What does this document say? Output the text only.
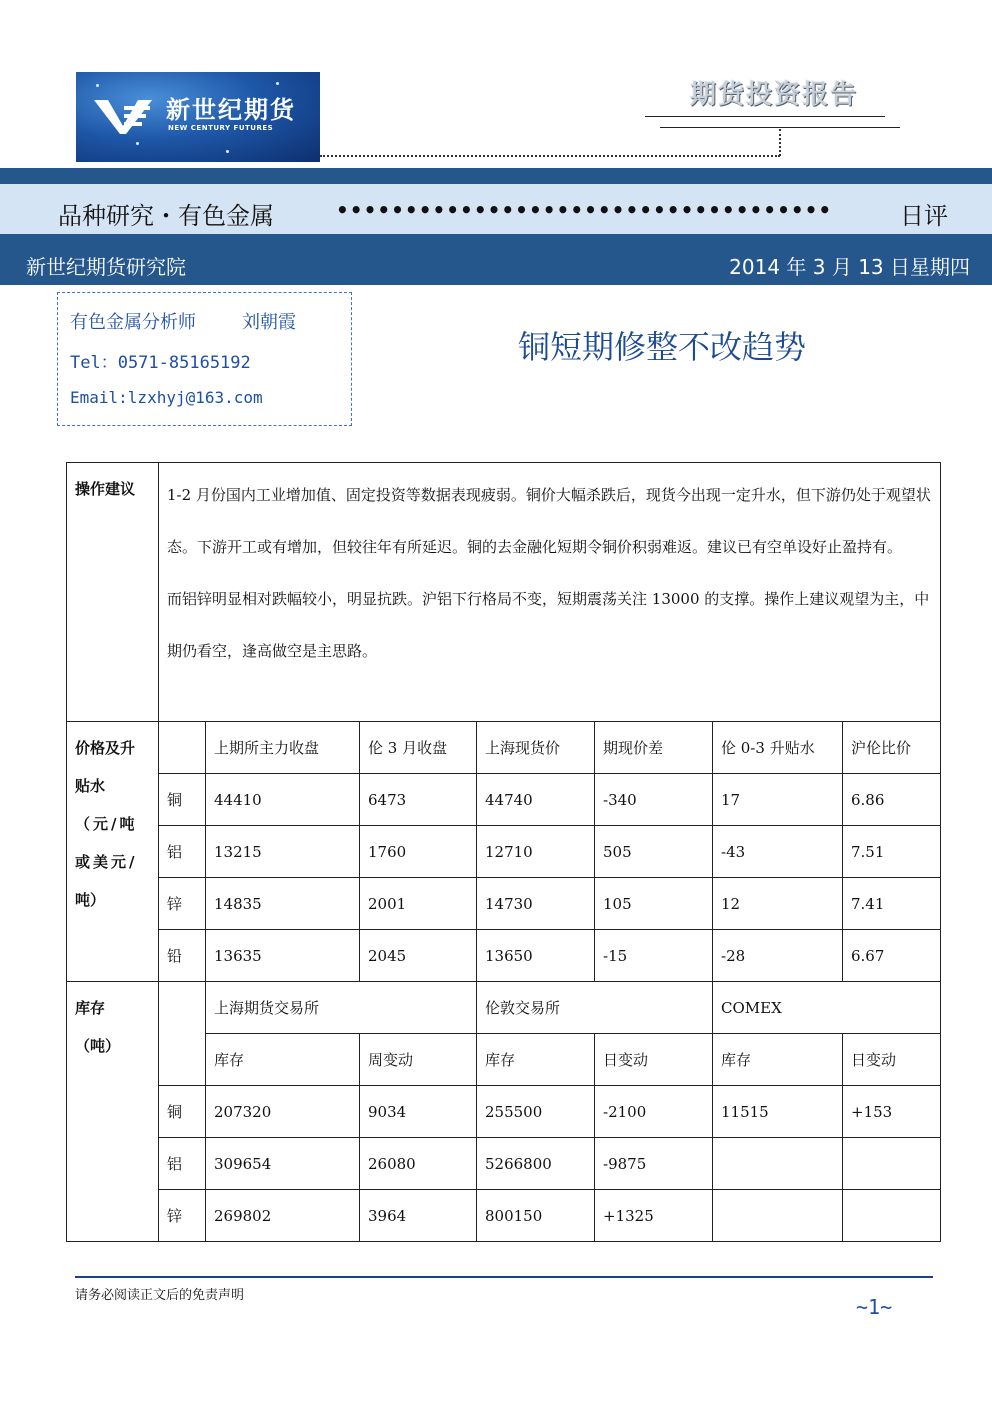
新世纪期货
NEW CENTURY FUTURES
期货投资报告
品种研究・有色金属	••••••••••••••••••••••••••••••••••••	日评
新世纪期货研究院	2014 年 3 月 13 日星期四
有色金属分析师	刘朝霞
Tel：0571-85165192
Email:lzxhyj@163.com
铜短期修整不改趋势
操作建议	1-2 月份国内工业增加值、固定投资等数据表现疲弱。铜价大幅杀跌后，现货今出现一定升水，但下游仍处于观望状态。下游开工或有增加，但较往年有所延迟。铜的去金融化短期令铜价积弱难返。建议已有空单设好止盈持有。
而铝锌明显相对跌幅较小，明显抗跌。沪铝下行格局不变，短期震荡关注 13000 的支撑。操作上建议观望为主，中期仍看空，逢高做空是主思路。						

价格及升
贴水
（元/吨
或美元/
吨）		上期所主力收盘	伦 3 月收盘	上海现货价	期现价差	伦 0-3 升贴水	沪伦比价
	铜	44410	6473	44740	-340	17	6.86
	铝	13215	1760	12710	505	-43	7.51
	锌	14835	2001	14730	105	12	7.41
	铅	13635	2045	13650	-15	-28	6.67

库存
（吨）		上海期货交易所		伦敦交易所		COMEX	
		库存	周变动	库存	日变动	库存	日变动
	铜	207320	9034	255500	-2100	11515	+153
	铝	309654	26080	5266800	-9875		
	锌	269802	3964	800150	+1325		
请务必阅读正文后的免责声明	~1~
